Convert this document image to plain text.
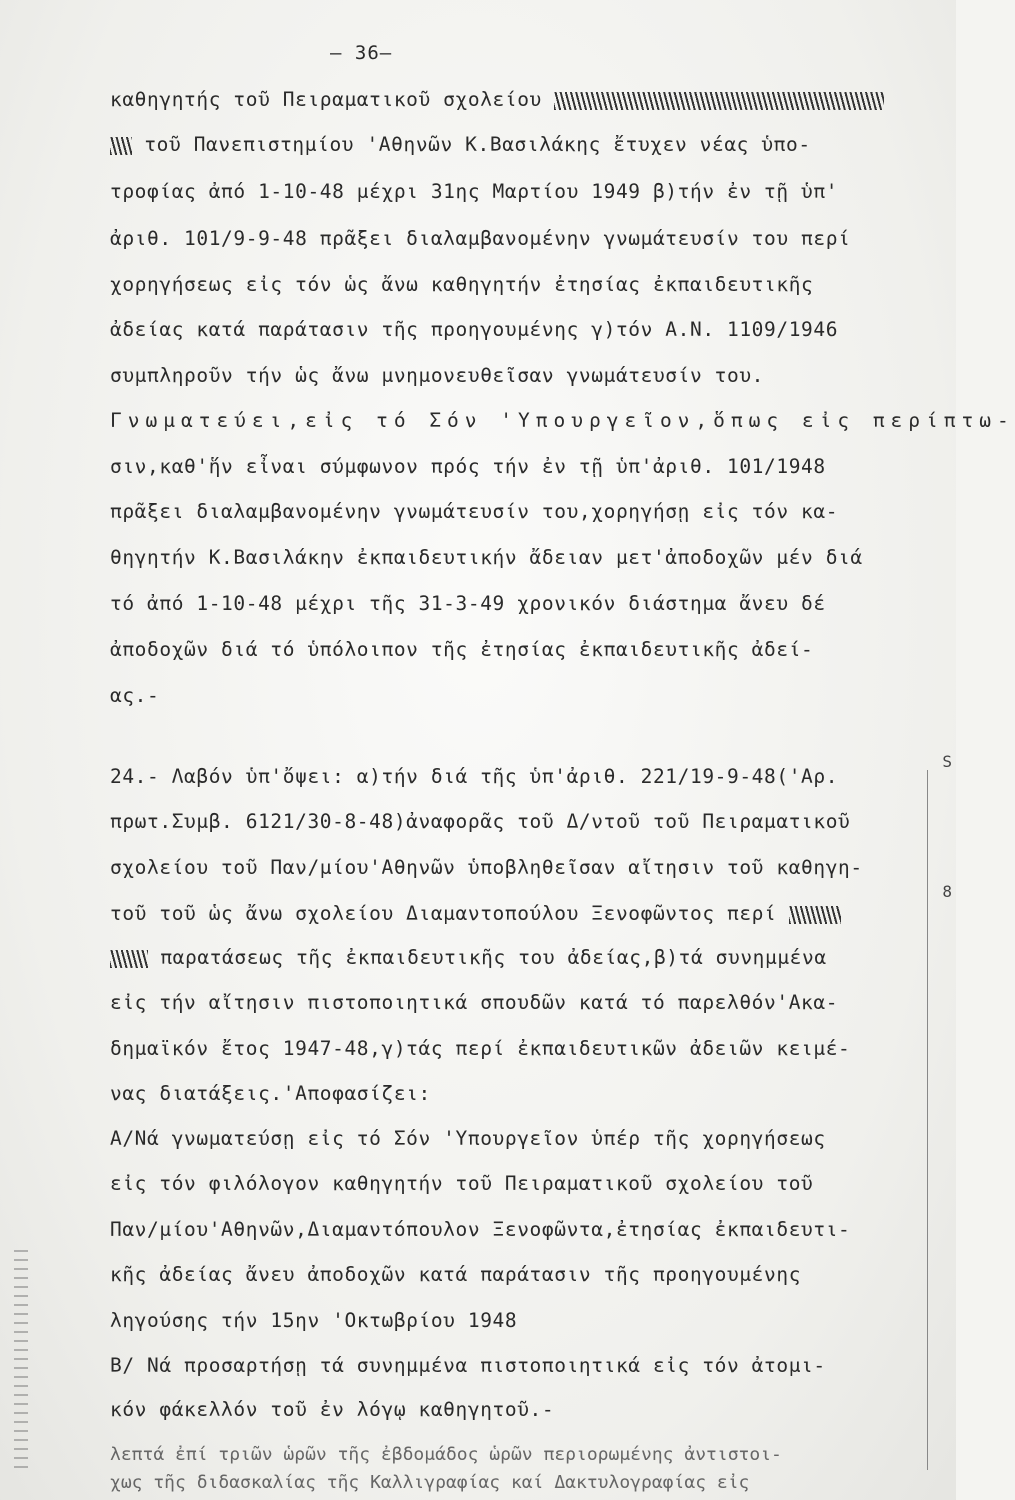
— 36—
καθηγητής τοῦ Πειραματικοῦ σχολείου
τοῦ Πανεπιστημίου 'Αθηνῶν Κ.Βασιλάκης ἔτυχεν νέας ὑπο-
τροφίας ἀπό 1-10-48 μέχρι 31ης Μαρτίου 1949 β)τήν ἐν τῇ ὑπ'
ἀριθ. 101/9-9-48 πρᾶξει διαλαμβανομένην γνωμάτευσίν του περί
χορηγήσεως εἰς τόν ὡς ἄνω καθηγητήν ἐτησίας ἐκπαιδευτικῆς
ἀδείας κατά παράτασιν τῆς προηγουμένης γ)τόν Α.Ν. 1109/1946
συμπληροῦν τήν ὡς ἄνω μνημονευθεῖσαν γνωμάτευσίν του.
Γνωματεύει,εἰς τό Σόν 'Υπουργεῖον,ὅπως εἰς περίπτω-
σιν,καθ'ἥν εἶναι σύμφωνον πρός τήν ἐν τῇ ὑπ'ἀριθ. 101/1948
πρᾶξει διαλαμβανομένην γνωμάτευσίν του,χορηγήσῃ εἰς τόν κα-
θηγητήν Κ.Βασιλάκην ἐκπαιδευτικήν ἄδειαν μετ'ἀποδοχῶν μέν διά
τό ἀπό 1-10-48 μέχρι τῆς 31-3-49 χρονικόν διάστημα ἄνευ δέ
ἀποδοχῶν διά τό ὑπόλοιπον τῆς ἐτησίας ἐκπαιδευτικῆς ἀδεί-
ας.-
24.- Λαβόν ὑπ'ὄψει: α)τήν διά τῆς ὑπ'ἀριθ. 221/19-9-48('Αρ.
πρωτ.Συμβ. 6121/30-8-48)ἀναφορᾶς τοῦ Δ/ντοῦ τοῦ Πειραματικοῦ
σχολείου τοῦ Παν/μίου'Αθηνῶν ὑποβληθεῖσαν αἴτησιν τοῦ καθηγη-
τοῦ τοῦ ὡς ἄνω σχολείου Διαμαντοπούλου Ξενοφῶντος περί
παρατάσεως τῆς ἐκπαιδευτικῆς του ἀδείας,β)τά συνημμένα
εἰς τήν αἴτησιν πιστοποιητικά σπουδῶν κατά τό παρελθόν'Ακα-
δημαϊκόν ἔτος 1947-48,γ)τάς περί ἐκπαιδευτικῶν ἀδειῶν κειμέ-
νας διατάξεις.'Αποφασίζει:
Α/Νά γνωματεύσῃ εἰς τό Σόν 'Υπουργεῖον ὑπέρ τῆς χορηγήσεως
εἰς τόν φιλόλογον καθηγητήν τοῦ Πειραματικοῦ σχολείου τοῦ
Παν/μίου'Αθηνῶν,Διαμαντόπουλον Ξενοφῶντα,ἐτησίας ἐκπαιδευτι-
κῆς ἀδείας ἄνευ ἀποδοχῶν κατά παράτασιν τῆς προηγουμένης
ληγούσης τήν 15ην 'Οκτωβρίου 1948
Β/ Νά προσαρτήσῃ τά συνημμένα πιστοποιητικά εἰς τόν ἀτομι-
κόν φάκελλόν τοῦ ἐν λόγῳ καθηγητοῦ.-
λεπτά ἐπί τριῶν ὡρῶν τῆς ἐβδομάδος ὡρῶν περιορωμένης ἀντιστοι-
χως τῆς διδασκαλίας τῆς Καλλιγραφίας καί Δακτυλογραφίας εἰς
S
8
